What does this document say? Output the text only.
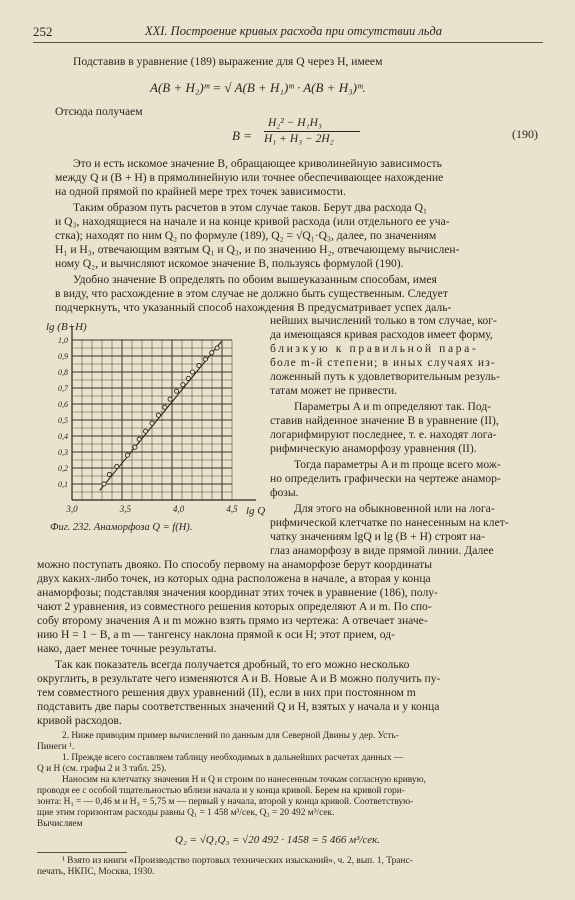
252	XXI. Построение кривых расхода при отсутствии льда
Подставив в уравнение (189) выражение для Q через H, имеем
A(B + H₂)ᵐ = √ A(B + H₁)ᵐ · A(B + H₃)ᵐ.
Отсюда получаем
B =
H₂² − H₁H₃
H₁ + H₃ − 2H₂	(190)
Это и есть искомое значение B, обращающее криволинейную зависимость
между Q и (B + H) в прямолинейную или точнее обеспечивающее нахождение
на одной прямой по крайней мере трех точек зависимости.
Таким образом путь расчетов в этом случае таков. Берут два расхода Q₁
и Q₃, находящиеся на начале и на конце кривой расхода (или отдельного ее уча-
стка); находят по ним Q₂ по формуле (189), Q₂ = √Q₁·Q₃, далее, по значениям
H₁ и H₃, отвечающим взятым Q₁ и Q₃, и по значению H₂, отвечающему вычислен-
ному Q₂, и вычисляют искомое значение B, пользуясь формулой (190).
Удобно значение B определять по обоим вышеуказанным способам, имея
в виду, что расхождение в этом случае не должно быть существенным. Следует
подчеркнуть, что указанный способ нахождения B предусматривает успех даль-
0,1
0,2
0,3
0,4
0,5
0,6
0,7
0,8
0,9
1,0
3,0	3,5	4,0	4,5
lg (B+H)
lg Q
Фиг. 232. Анаморфоза Q = f(H).
нейших вычислений только в том случае, ког-
да имеющаяся кривая расходов имеет форму,
близкую к правильной пара-
болe m-й степени; в иных случаях из-
ложенный путь к удовлетворительным резуль-
татам может не привести.
Параметры A и m определяют так. Под-
ставив найденное значение B в уравнение (II),
логарифмируют последнее, т. е. находят лога-
рифмическую анаморфозу уравнения (II).
Тогда параметры A и m проще всего мож-
но определить графически на чертеже анамор-
фозы.
Для этого на обыкновенной или на лога-
рифмической клетчатке по нанесенным на клет-
чатку значениям lgQ и lg (B + H) строят на-
глаз анаморфозу в виде прямой линии. Далее
можно поступать двояко. По способу первому на анаморфозе берут координаты
двух каких-либо точек, из которых одна расположена в начале, а вторая у конца
анаморфозы; подставляя значения координат этих точек в уравнение (186), полу-
чают 2 уравнения, из совместного решения которых определяют A и m. По спо-
собу второму значения A и m можно взять прямо из чертежа: A отвечает значе-
нию H = 1 − B, а m — тангенсу наклона прямой к оси H; этот прием, од-
нако, дает менее точные результаты.
Так как показатель всегда получается дробный, то его можно несколько
округлить, в результате чего изменяются A и B. Новые A и B можно получить пу-
тем совместного решения двух уравнений (II), если в них при постоянном m
подставить две пары соответственных значений Q и H, взятых у начала и у конца
кривой расходов.
2. Ниже приводим пример вычислений по данным для Северной Двины у дер. Усть-
Пинеги ¹.
1. Прежде всего составляем таблицу необходимых в дальнейших расчетах данных —
Q и H (см. графы 2 и 3 табл. 25).
Наносим на клетчатку значения H и Q и строим по нанесенным точкам согласную кривую,
проводя ее с особой тщательностью вблизи начала и у конца кривой. Берем на кривой гори-
зонта: H₁ = — 0,46 м и H₃ = 5,75 м — первый у начала, второй у конца кривой. Соответствую-
щие этим горизонтам расходы равны Q₁ = 1 458 м³/сек, Q₃ = 20 492 м³/сек.
Вычисляем
Q₂ = √Q₁Q₃ = √20 492 · 1458 = 5 466 м³/сек.
¹ Взято из книги «Производство портовых технических изысканий», ч. 2, вып. 1, Транс-
печать, НКПС, Москва, 1930.
